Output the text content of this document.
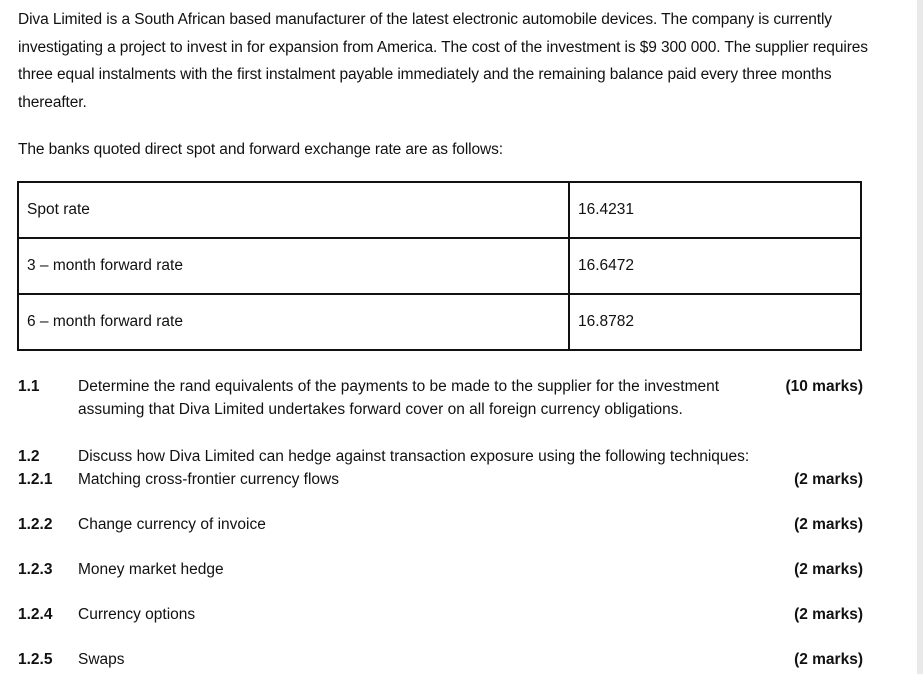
Diva Limited is a South African based manufacturer of the latest electronic automobile devices. The company is currently investigating a project to invest in for expansion from America. The cost of the investment is $9 300 000. The supplier requires three equal instalments with the first instalment payable immediately and the remaining balance paid every three months thereafter.
The banks quoted direct spot and forward exchange rate are as follows:
Spot rate	16.4231
3 – month forward rate	16.6472
6 – month forward rate	16.8782
1.1 Determine the rand equivalents of the payments to be made to the supplier for the investment assuming that Diva Limited undertakes forward cover on all foreign currency obligations.
(10 marks)
1.2 Discuss how Diva Limited can hedge against transaction exposure using the following techniques:
1.2.1 Matching cross-frontier currency flows	(2 marks)
1.2.2 Change currency of invoice	(2 marks)
1.2.3 Money market hedge	(2 marks)
1.2.4 Currency options	(2 marks)
1.2.5 Swaps	(2 marks)
